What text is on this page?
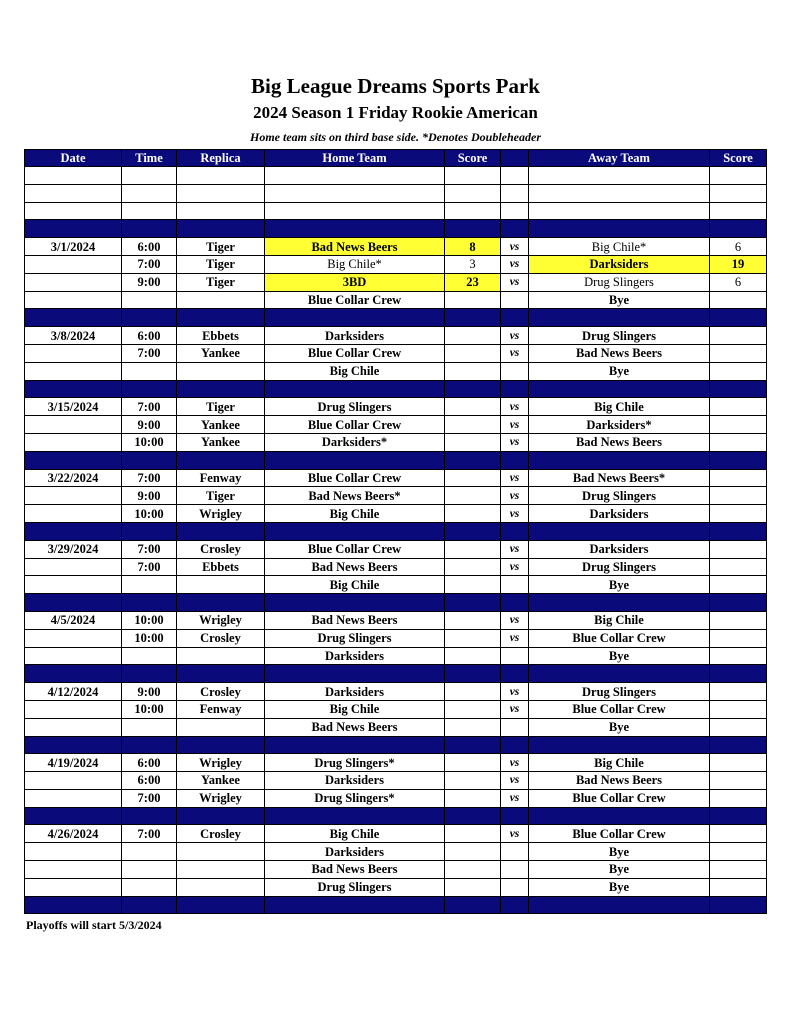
Big League Dreams Sports Park
2024 Season 1 Friday Rookie American
Home team sits on third base side. *Denotes Doubleheader
Date	Time	Replica	Home Team	Score		Away Team	Score

3/1/2024	6:00	Tiger	Bad News Beers	8	vs	Big Chile*	6
	7:00	Tiger	Big Chile*	3	vs	Darksiders	19
	9:00	Tiger	3BD	23	vs	Drug Slingers	6
			Blue Collar Crew			Bye	

3/8/2024	6:00	Ebbets	Darksiders		vs	Drug Slingers	
	7:00	Yankee	Blue Collar Crew		vs	Bad News Beers	
			Big Chile			Bye	

3/15/2024	7:00	Tiger	Drug Slingers		vs	Big Chile	
	9:00	Yankee	Blue Collar Crew		vs	Darksiders*	
	10:00	Yankee	Darksiders*		vs	Bad News Beers	

3/22/2024	7:00	Fenway	Blue Collar Crew		vs	Bad News Beers*	
	9:00	Tiger	Bad News Beers*		vs	Drug Slingers	
	10:00	Wrigley	Big Chile		vs	Darksiders	

3/29/2024	7:00	Crosley	Blue Collar Crew		vs	Darksiders	
	7:00	Ebbets	Bad News Beers		vs	Drug Slingers	
			Big Chile			Bye	

4/5/2024	10:00	Wrigley	Bad News Beers		vs	Big Chile	
	10:00	Crosley	Drug Slingers		vs	Blue Collar Crew	
			Darksiders			Bye	

4/12/2024	9:00	Crosley	Darksiders		vs	Drug Slingers	
	10:00	Fenway	Big Chile		vs	Blue Collar Crew	
			Bad News Beers			Bye	

4/19/2024	6:00	Wrigley	Drug Slingers*		vs	Big Chile	
	6:00	Yankee	Darksiders		vs	Bad News Beers	
	7:00	Wrigley	Drug Slingers*		vs	Blue Collar Crew	

4/26/2024	7:00	Crosley	Big Chile		vs	Blue Collar Crew	
			Darksiders			Bye	
			Bad News Beers			Bye	
			Drug Slingers			Bye	

Playoffs will start 5/3/2024
